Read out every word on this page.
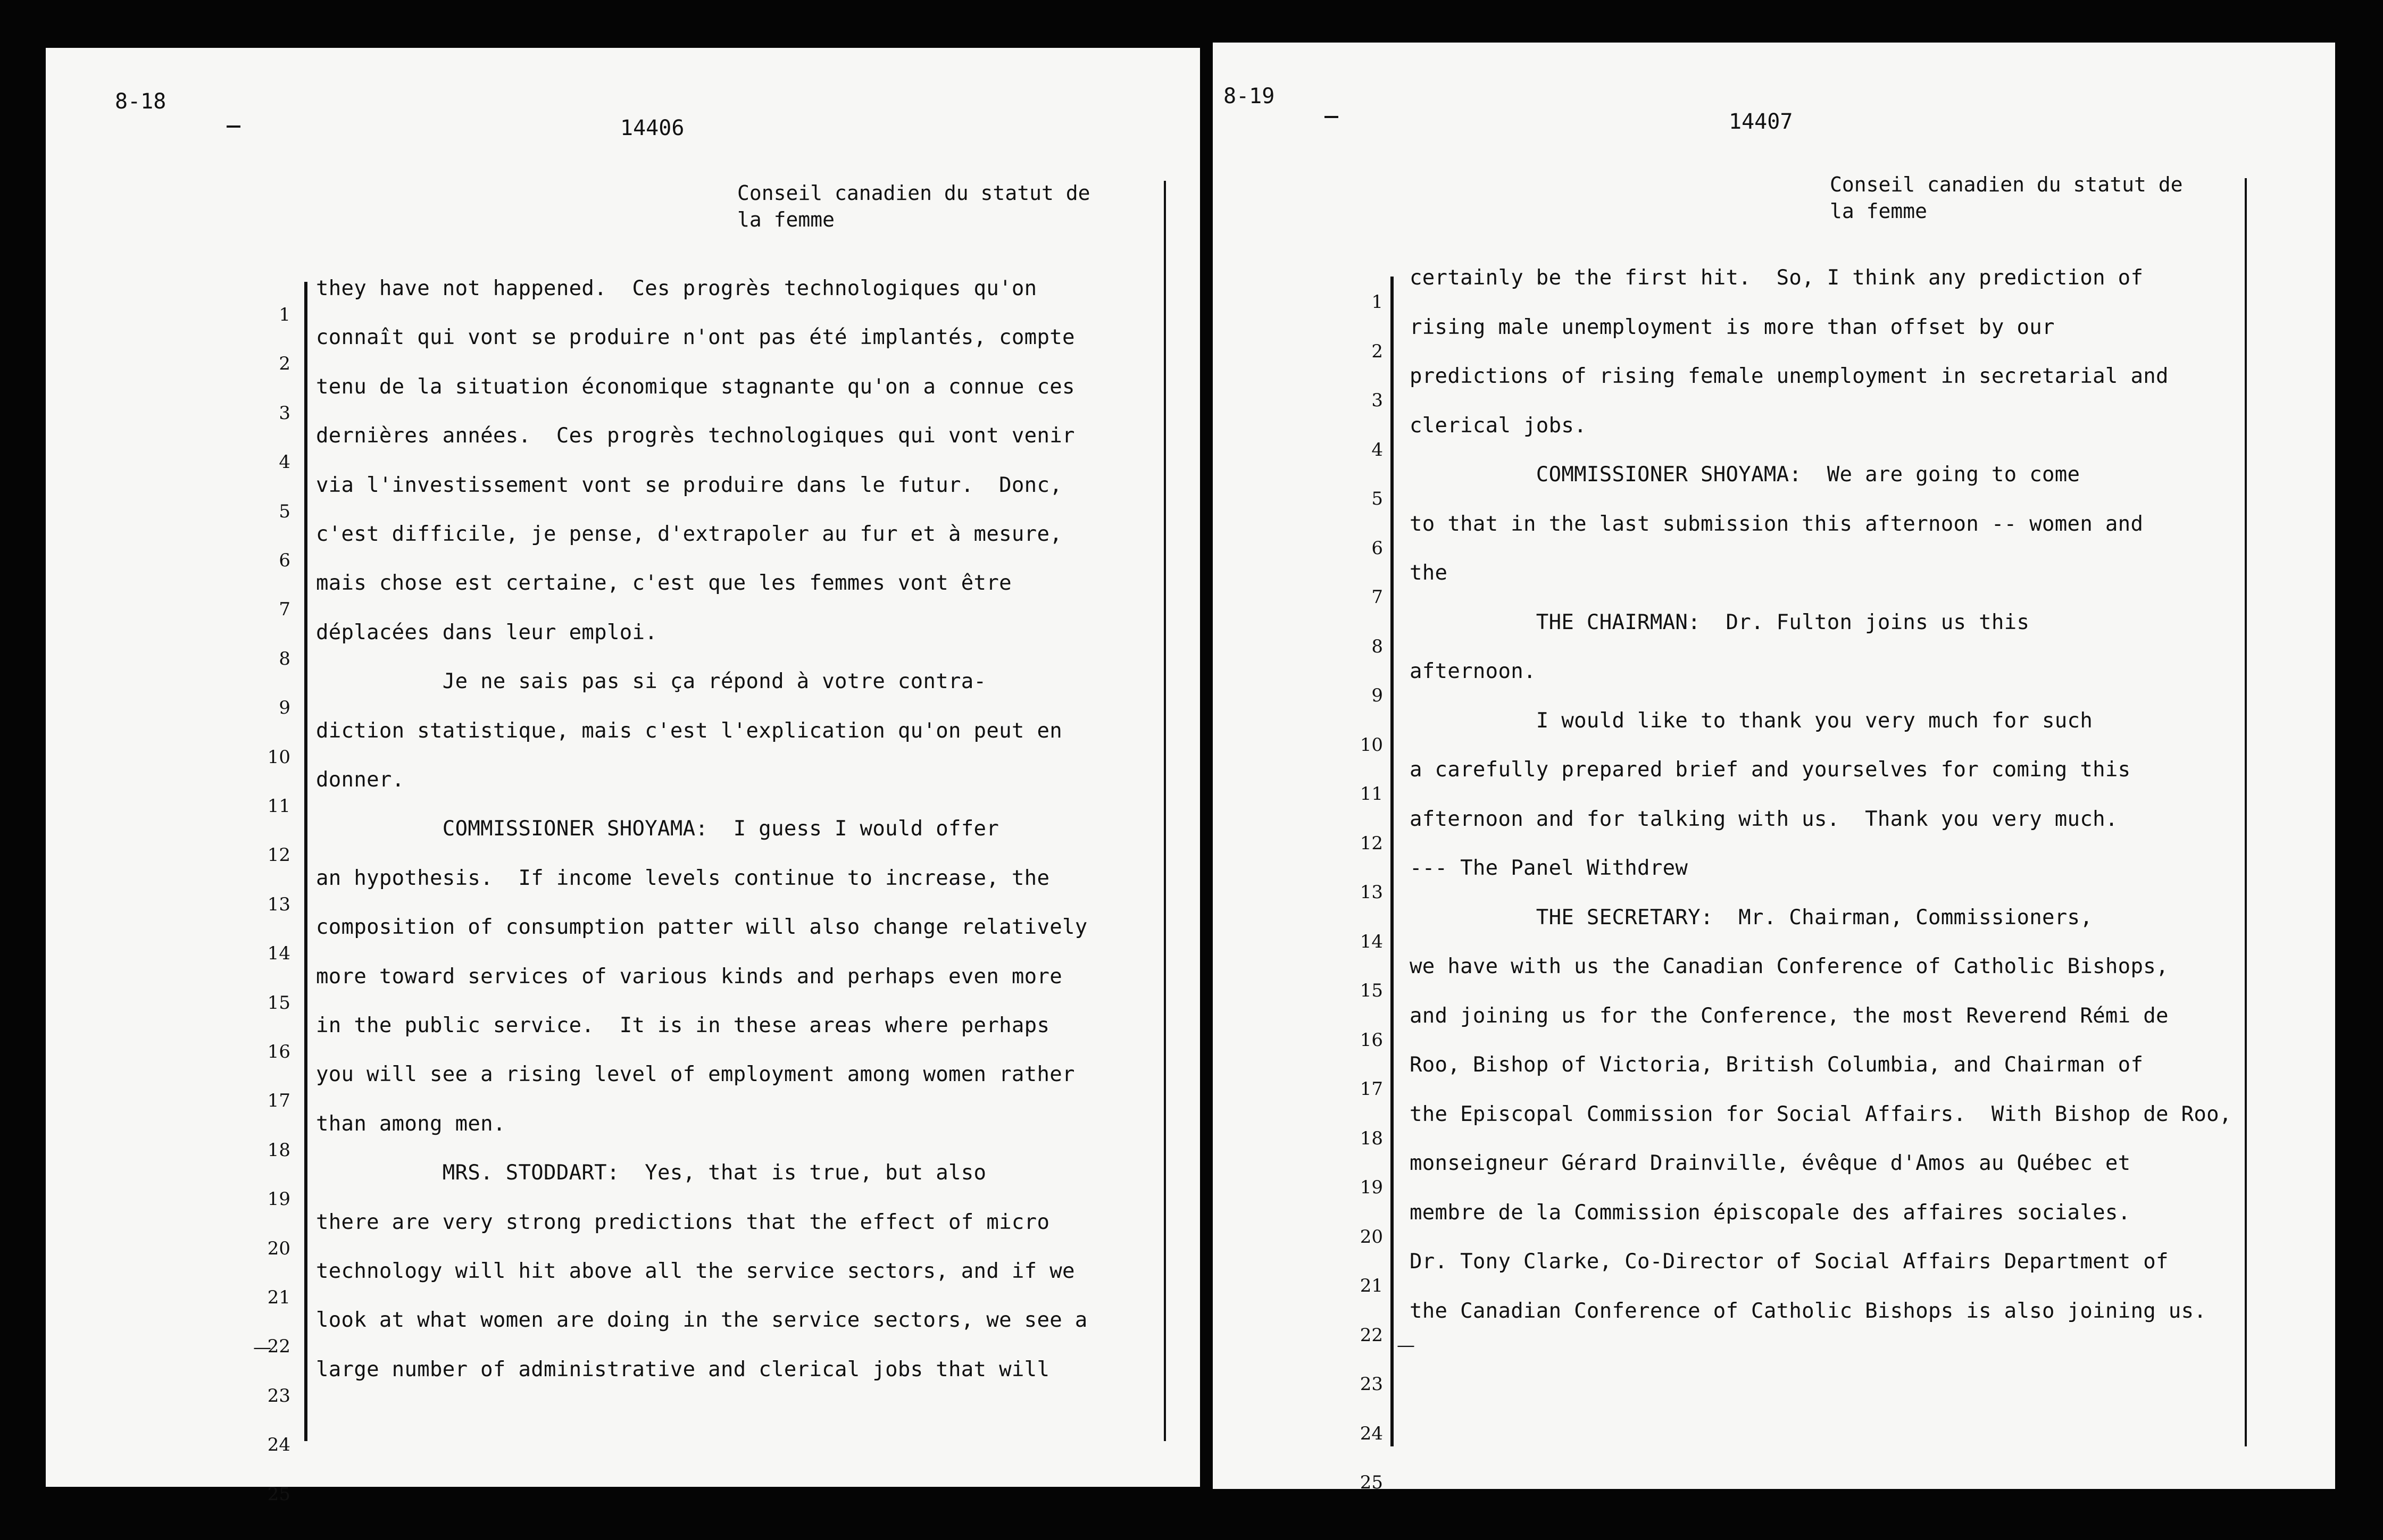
8-18
14406
Conseil canadien du statut de
la femme
1
2
3
4
5
6
7
8
9
10
11
12
13
14
15
16
17
18
19
20
21
22
23
24
25
they have not happened.  Ces progrès technologiques qu'on
connaît qui vont se produire n'ont pas été implantés, compte
tenu de la situation économique stagnante qu'on a connue ces
dernières années.  Ces progrès technologiques qui vont venir
via l'investissement vont se produire dans le futur.  Donc,
c'est difficile, je pense, d'extrapoler au fur et à mesure,
mais chose est certaine, c'est que les femmes vont être
déplacées dans leur emploi.
Je ne sais pas si ça répond à votre contra-
diction statistique, mais c'est l'explication qu'on peut en
donner.
COMMISSIONER SHOYAMA:  I guess I would offer
an hypothesis.  If income levels continue to increase, the
composition of consumption patter will also change relatively
more toward services of various kinds and perhaps even more
in the public service.  It is in these areas where perhaps
you will see a rising level of employment among women rather
than among men.
MRS. STODDART:  Yes, that is true, but also
there are very strong predictions that the effect of micro
technology will hit above all the service sectors, and if we
look at what women are doing in the service sectors, we see a
large number of administrative and clerical jobs that will
—
8-19
14407
Conseil canadien du statut de
la femme
1
2
3
4
5
6
7
8
9
10
11
12
13
14
15
16
17
18
19
20
21
22
23
24
25
certainly be the first hit.  So, I think any prediction of
rising male unemployment is more than offset by our
predictions of rising female unemployment in secretarial and
clerical jobs.
COMMISSIONER SHOYAMA:  We are going to come
to that in the last submission this afternoon -- women and
the
THE CHAIRMAN:  Dr. Fulton joins us this
afternoon.
I would like to thank you very much for such
a carefully prepared brief and yourselves for coming this
afternoon and for talking with us.  Thank you very much.
--- The Panel Withdrew
THE SECRETARY:  Mr. Chairman, Commissioners,
we have with us the Canadian Conference of Catholic Bishops,
and joining us for the Conference, the most Reverend Rémi de
Roo, Bishop of Victoria, British Columbia, and Chairman of
the Episcopal Commission for Social Affairs.  With Bishop de Roo,
monseigneur Gérard Drainville, évêque d'Amos au Québec et
membre de la Commission épiscopale des affaires sociales.
Dr. Tony Clarke, Co-Director of Social Affairs Department of
the Canadian Conference of Catholic Bishops is also joining us.
—
